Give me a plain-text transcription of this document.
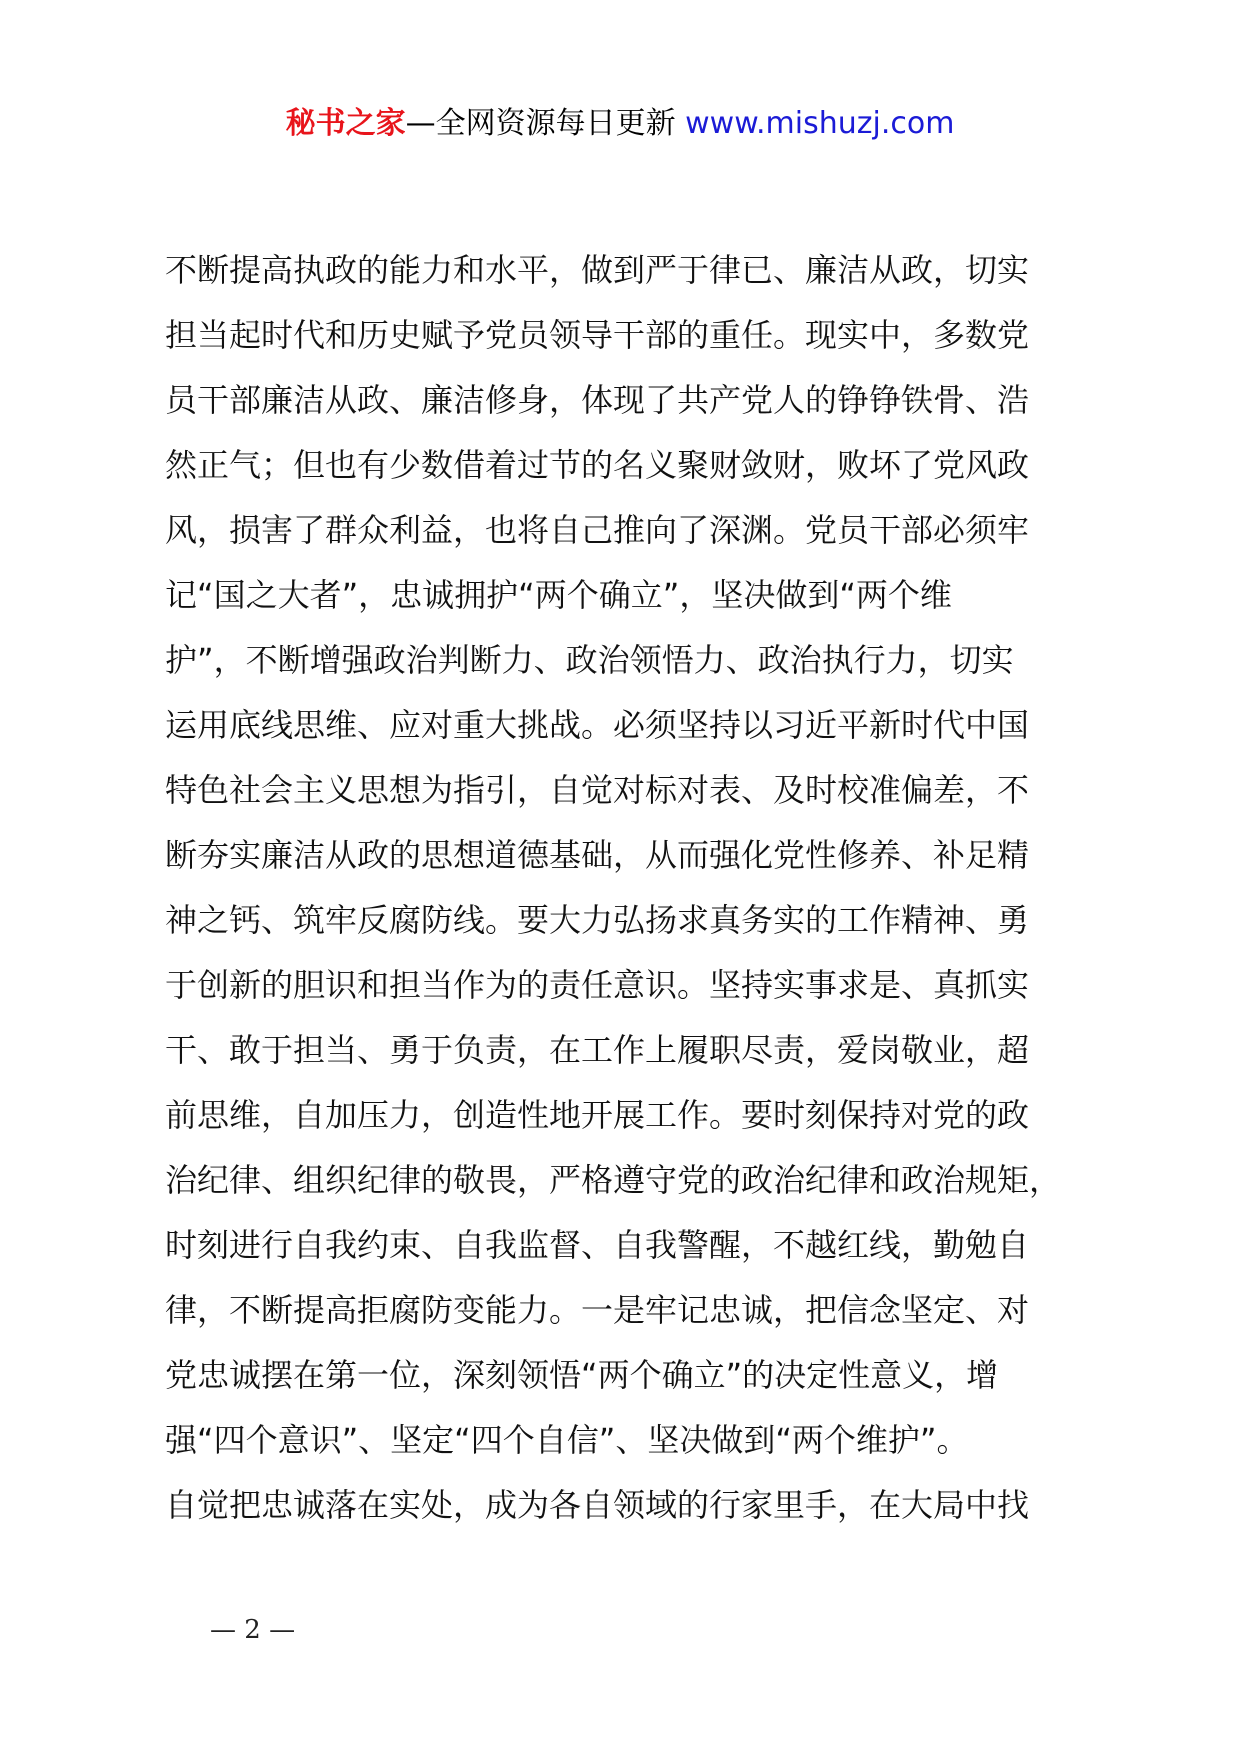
秘书之家—全网资源每日更新 www.mishuzj.com
不断提高执政的能力和水平，做到严于律已、廉洁从政，切实
担当起时代和历史赋予党员领导干部的重任。现实中，多数党
员干部廉洁从政、廉洁修身，体现了共产党人的铮铮铁骨、浩
然正气；但也有少数借着过节的名义聚财敛财，败坏了党风政
风，损害了群众利益，也将自己推向了深渊。党员干部必须牢
记“国之大者”，忠诚拥护“两个确立”，坚决做到“两个维
护”，不断增强政治判断力、政治领悟力、政治执行力，切实
运用底线思维、应对重大挑战。必须坚持以习近平新时代中国
特色社会主义思想为指引，自觉对标对表、及时校准偏差，不
断夯实廉洁从政的思想道德基础，从而强化党性修养、补足精
神之钙、筑牢反腐防线。要大力弘扬求真务实的工作精神、勇
于创新的胆识和担当作为的责任意识。坚持实事求是、真抓实
干、敢于担当、勇于负责，在工作上履职尽责，爱岗敬业，超
前思维，自加压力，创造性地开展工作。要时刻保持对党的政
治纪律、组织纪律的敬畏，严格遵守党的政治纪律和政治规矩，
时刻进行自我约束、自我监督、自我警醒，不越红线，勤勉自
律，不断提高拒腐防变能力。一是牢记忠诚，把信念坚定、对
党忠诚摆在第一位，深刻领悟“两个确立”的决定性意义，增
强“四个意识”、坚定“四个自信”、坚决做到“两个维护”。
自觉把忠诚落在实处，成为各自领域的行家里手，在大局中找
— 2 —
